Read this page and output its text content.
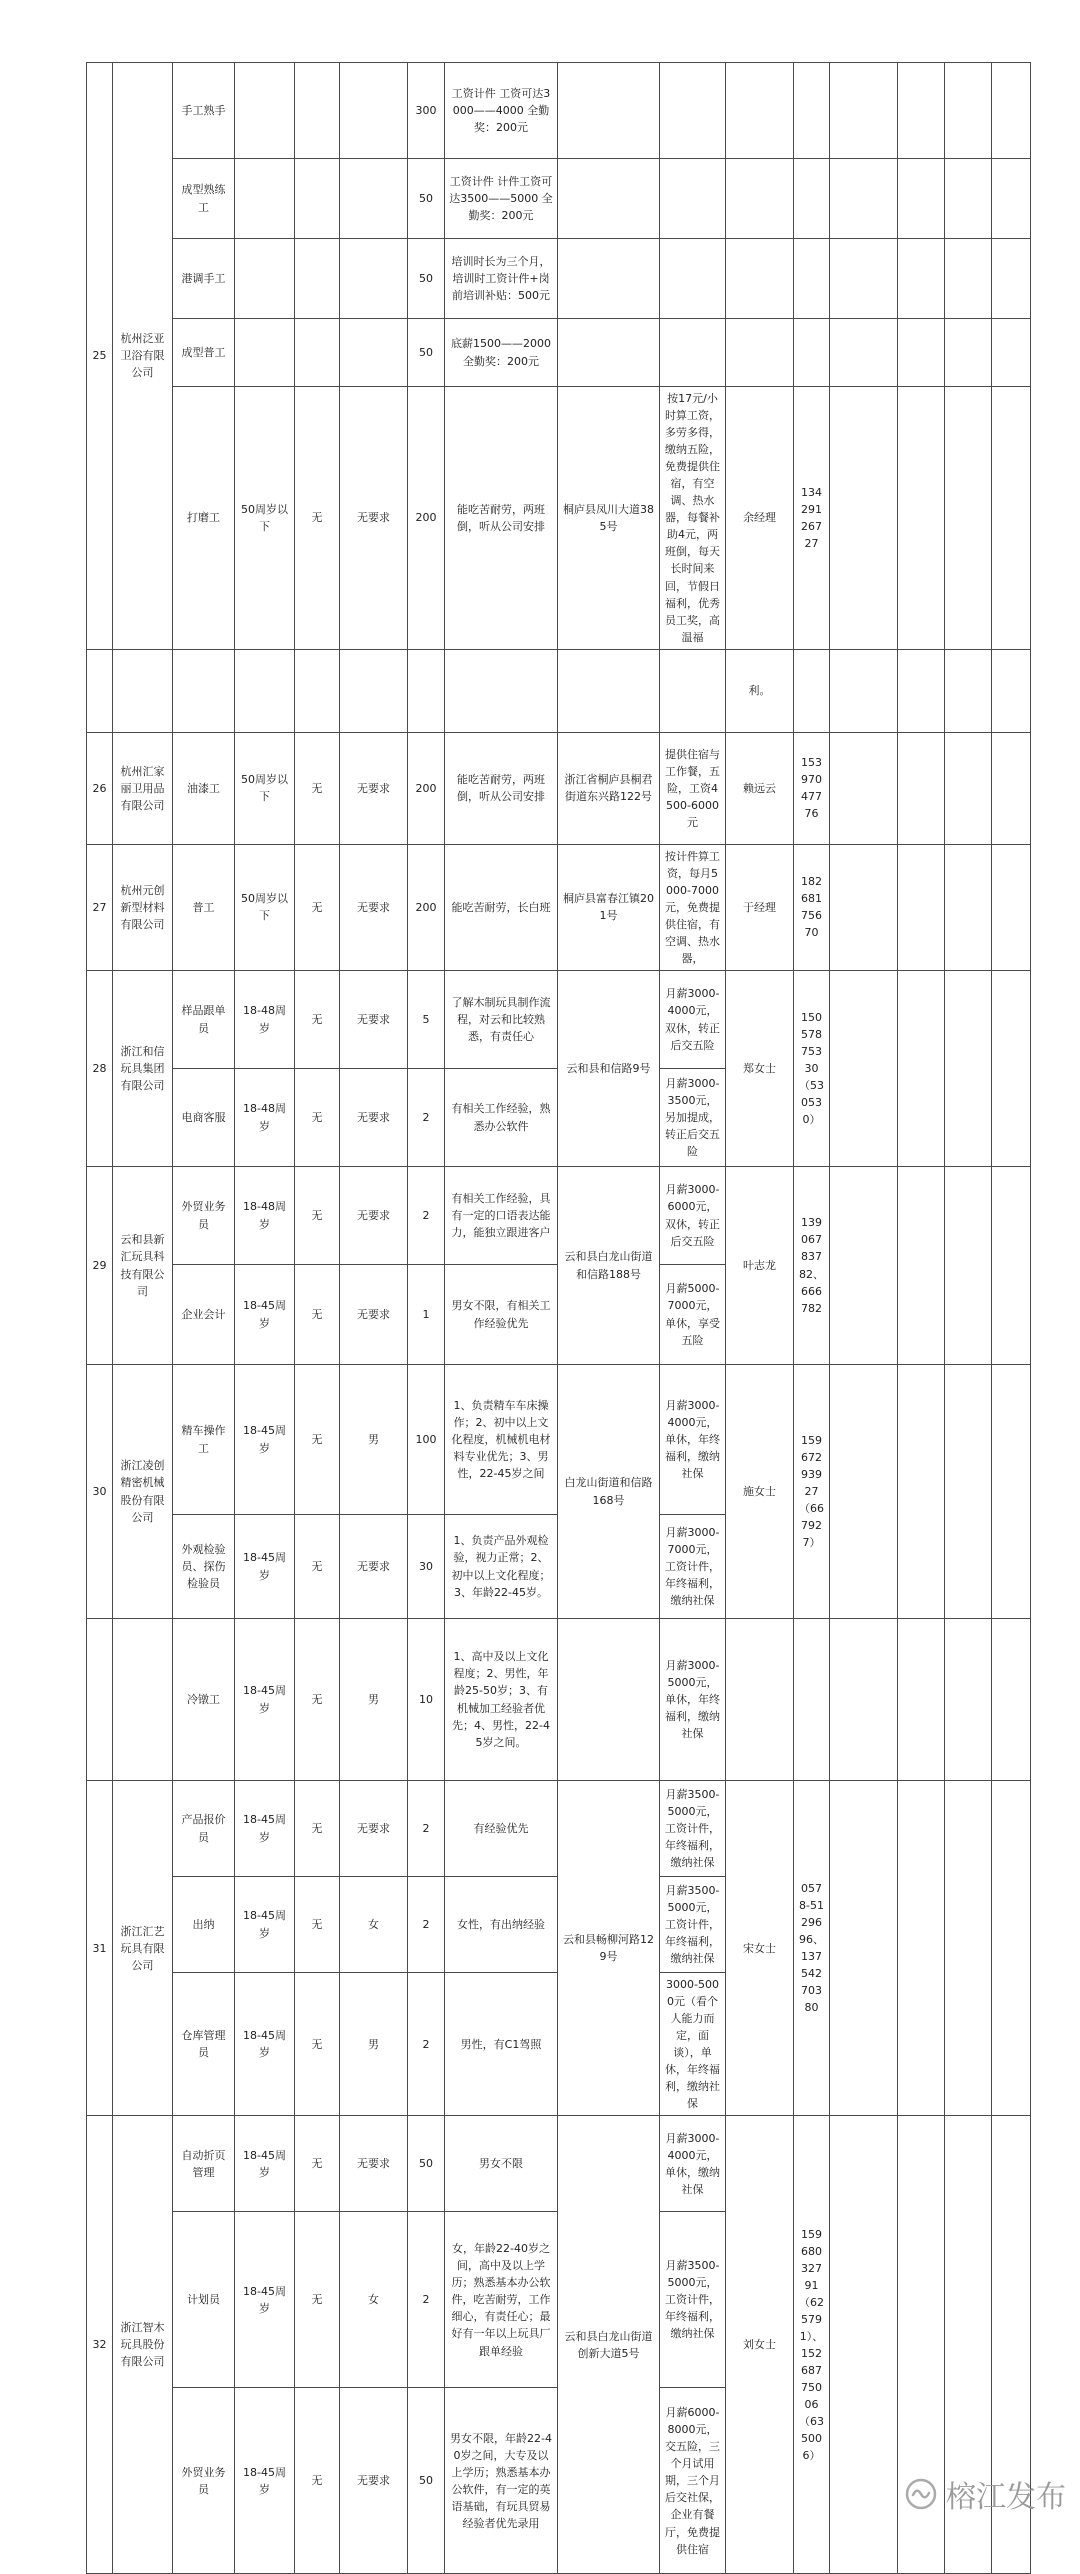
25	杭州泛亚卫浴有限公司	手工熟手				300	工资计件 工资可达3000——4000 全勤奖：200元									
		成型熟练工				50	工资计件 计件工资可达3500——5000 全勤奖：200元									
		港调手工				50	培训时长为三个月，培训时工资计件+岗前培训补贴：500元									
		成型普工				50	底薪1500——2000 全勤奖：200元									
		打磨工	50周岁以下	无	无要求	200	能吃苦耐劳，两班倒，听从公司安排	桐庐县凤川大道385号	按17元/小时算工资，多劳多得，缴纳五险，免费提供住宿，有空调、热水器，每餐补助4元，两班倒，每天长时间来回，节假日福利，优秀员工奖，高温福	余经理	13429126727					
										利。						
26	杭州汇家丽卫用品有限公司	油漆工	50周岁以下	无	无要求	200	能吃苦耐劳，两班倒，听从公司安排	浙江省桐庐县桐君街道东兴路122号	提供住宿与工作餐，五险，工资4500-6000元	赖远云	15397047776					
27	杭州元创新型材料有限公司	普工	50周岁以下	无	无要求	200	能吃苦耐劳，长白班	桐庐县富春江镇201号	按计件算工资，每月5000-7000元，免费提供住宿，有空调、热水器，	于经理	18268175670					
28	浙江和信玩具集团有限公司	样品跟单员	18-48周岁	无	无要求	5	了解木制玩具制作流程，对云和比较熟悉，有责任心	云和县和信路9号	月薪3000-4000元，双休，转正后交五险	郑女士	15057875330（530530）					
		电商客服	18-48周岁	无	无要求	2	有相关工作经验，熟悉办公软件		月薪3000-3500元，另加提成，转正后交五险							
29	云和县新汇玩具科技有限公司	外贸业务员	18-48周岁	无	无要求	2	有相关工作经验，具有一定的口语表达能力，能独立跟进客户	云和县白龙山街道和信路188号	月薪3000-6000元，双休，转正后交五险	叶志龙	13906783782、666782					
		企业会计	18-45周岁	无	无要求	1	男女不限，有相关工作经验优先		月薪5000-7000元，单休，享受五险							
30	浙江凌创精密机械股份有限公司	精车操作工	18-45周岁	无	男	100	1、负责精车车床操作；2、初中以上文化程度，机械机电材料专业优先；3、男性，22-45岁之间	白龙山街道和信路168号	月薪3000-4000元，单休，年终福利，缴纳社保	施女士	15967293927（667927）					
		外观检验员、探伤检验员	18-45周岁	无	无要求	30	1、负责产品外观检验，视力正常；2、初中以上文化程度；3、年龄22-45岁。		月薪3000-7000元，工资计件，年终福利，缴纳社保							
		冷镦工	18-45周岁	无	男	10	1、高中及以上文化程度；2、男性，年龄25-50岁；3、有机械加工经验者优先；4、男性，22-45岁之间。		月薪3000-5000元，单休，年终福利，缴纳社保							
31	浙江汇艺玩具有限公司	产品报价员	18-45周岁	无	无要求	2	有经验优先	云和县畅柳河路129号	月薪3500-5000元，工资计件，年终福利，缴纳社保	宋女士	0578-5129696、13754270380					
		出纳	18-45周岁	无	女	2	女性，有出纳经验		月薪3500-5000元，工资计件，年终福利，缴纳社保							
		仓库管理员	18-45周岁	无	男	2	男性，有C1驾照		3000-5000元（看个人能力而定，面谈），单休，年终福利，缴纳社保							
32	浙江智木玩具股份有限公司	自动折页管理	18-45周岁	无	无要求	50	男女不限	云和县白龙山街道创新大道5号	月薪3000-4000元，单休，缴纳社保	刘女士	15968032791（625791）、15268775006（635006）					
		计划员	18-45周岁	无	女	2	女，年龄22-40岁之间，高中及以上学历；熟悉基本办公软件，吃苦耐劳，工作细心，有责任心；最好有一年以上玩具厂跟单经验		月薪3500-5000元，工资计件，年终福利，缴纳社保							
		外贸业务员	18-45周岁	无	无要求	50	男女不限，年龄22-40岁之间，大专及以上学历；熟悉基本办公软件，有一定的英语基础，有玩具贸易经验者优先录用		月薪6000-8000元，交五险，三个月试用期，三个月后交社保，企业有餐厅，免费提供住宿							
榕江发布
